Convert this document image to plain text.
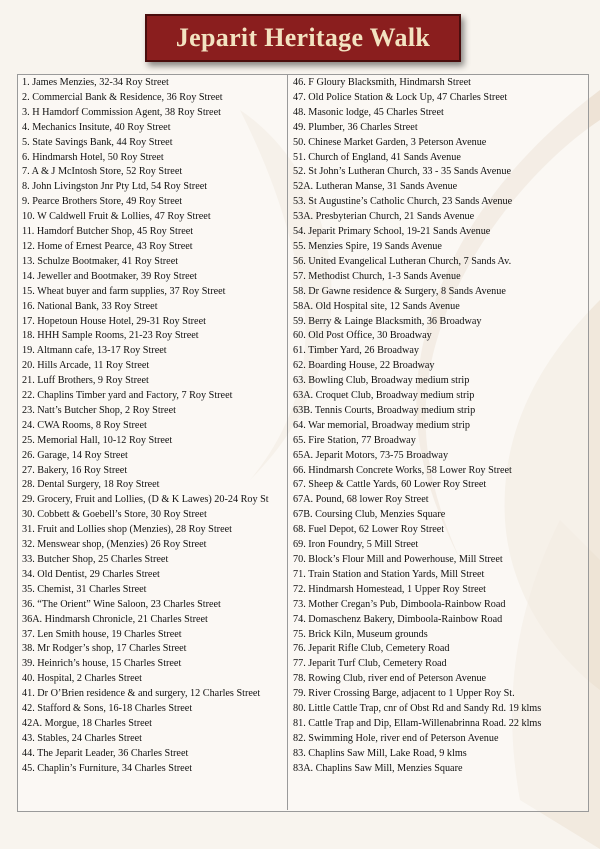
Jeparit Heritage Walk
1. James Menzies, 32-34 Roy Street
2. Commercial Bank & Residence, 36 Roy Street
3. H Hamdorf Commission Agent, 38 Roy Street
4. Mechanics Insitute, 40 Roy Street
5. State Savings Bank, 44 Roy Street
6. Hindmarsh Hotel, 50 Roy Street
7. A & J McIntosh Store, 52 Roy Street
8. John Livingston Jnr Pty Ltd, 54 Roy Street
9. Pearce Brothers Store, 49 Roy Street
10. W Caldwell Fruit & Lollies, 47 Roy Street
11. Hamdorf Butcher Shop, 45 Roy Street
12. Home of Ernest Pearce, 43 Roy Street
13. Schulze Bootmaker, 41 Roy Street
14. Jeweller and Bootmaker, 39 Roy Street
15. Wheat buyer and farm supplies, 37 Roy Street
16. National Bank, 33 Roy Street
17. Hopetoun House Hotel, 29-31 Roy Street
18. HHH Sample Rooms, 21-23 Roy Street
19. Altmann cafe, 13-17 Roy Street
20. Hills Arcade, 11 Roy Street
21. Luff Brothers, 9 Roy Street
22. Chaplins Timber yard and Factory, 7 Roy Street
23. Natt’s Butcher Shop, 2 Roy Street
24. CWA Rooms, 8 Roy Street
25. Memorial Hall, 10-12 Roy Street
26. Garage, 14 Roy Street
27. Bakery, 16 Roy Street
28. Dental Surgery, 18 Roy Street
29. Grocery, Fruit and Lollies, (D & K Lawes) 20-24 Roy St
30. Cobbett & Goebell’s Store, 30 Roy Street
31. Fruit and Lollies shop (Menzies), 28 Roy Street
32. Menswear shop, (Menzies) 26 Roy Street
33. Butcher Shop, 25 Charles Street
34. Old Dentist, 29 Charles Street
35. Chemist, 31 Charles Street
36. “The Orient” Wine Saloon, 23 Charles Street
36A. Hindmarsh Chronicle, 21 Charles Street
37. Len Smith house, 19 Charles Street
38. Mr Rodger’s shop, 17 Charles Street
39. Heinrich’s house, 15 Charles Street
40. Hospital, 2 Charles Street
41. Dr O’Brien residence & and surgery, 12 Charles Street
42. Stafford & Sons, 16-18 Charles Street
42A. Morgue, 18 Charles Street
43. Stables, 24 Charles Street
44. The Jeparit Leader, 36 Charles Street
45. Chaplin’s Furniture, 34 Charles Street
46. F Gloury Blacksmith, Hindmarsh Street
47. Old Police Station & Lock Up, 47 Charles Street
48. Masonic lodge, 45 Charles Street
49. Plumber, 36 Charles Street
50. Chinese Market Garden, 3 Peterson Avenue
51. Church of England, 41 Sands Avenue
52. St John’s Lutheran Church, 33 - 35 Sands Avenue
52A. Lutheran Manse, 31 Sands Avenue
53. St Augustine’s Catholic Church, 23 Sands Avenue
53A. Presbyterian Church, 21 Sands Avenue
54. Jeparit Primary School, 19-21 Sands Avenue
55. Menzies Spire, 19 Sands Avenue
56. United Evangelical Lutheran Church, 7 Sands Av.
57. Methodist Church, 1-3 Sands Avenue
58. Dr Gawne residence & Surgery, 8 Sands Avenue
58A. Old Hospital site, 12 Sands Avenue
59. Berry & Lainge Blacksmith, 36 Broadway
60. Old Post Office, 30 Broadway
61. Timber Yard, 26 Broadway
62. Boarding House, 22 Broadway
63. Bowling Club, Broadway medium strip
63A. Croquet Club, Broadway medium strip
63B. Tennis Courts, Broadway medium strip
64. War memorial, Broadway medium strip
65. Fire Station, 77 Broadway
65A. Jeparit Motors, 73-75 Broadway
66. Hindmarsh Concrete Works, 58 Lower Roy Street
67. Sheep & Cattle Yards, 60 Lower Roy Street
67A. Pound, 68 lower Roy Street
67B. Coursing Club, Menzies Square
68. Fuel Depot, 62 Lower Roy Street
69. Iron Foundry, 5 Mill Street
70. Block’s Flour Mill and Powerhouse, Mill Street
71. Train Station and Station Yards, Mill Street
72. Hindmarsh Homestead, 1 Upper Roy Street
73. Mother Cregan’s Pub, Dimboola-Rainbow Road
74. Domaschenz Bakery, Dimboola-Rainbow Road
75. Brick Kiln, Museum grounds
76. Jeparit Rifle Club, Cemetery Road
77. Jeparit Turf Club, Cemetery Road
78. Rowing Club, river end of Peterson Avenue
79. River Crossing Barge, adjacent to 1 Upper Roy St.
80. Little Cattle Trap, cnr of Obst Rd and Sandy Rd. 19 klms
81. Cattle Trap and Dip, Ellam-Willenabrinna Road. 22 klms
82. Swimming Hole, river end of Peterson Avenue
83. Chaplins Saw Mill, Lake Road, 9 klms
83A. Chaplins Saw Mill, Menzies Square
